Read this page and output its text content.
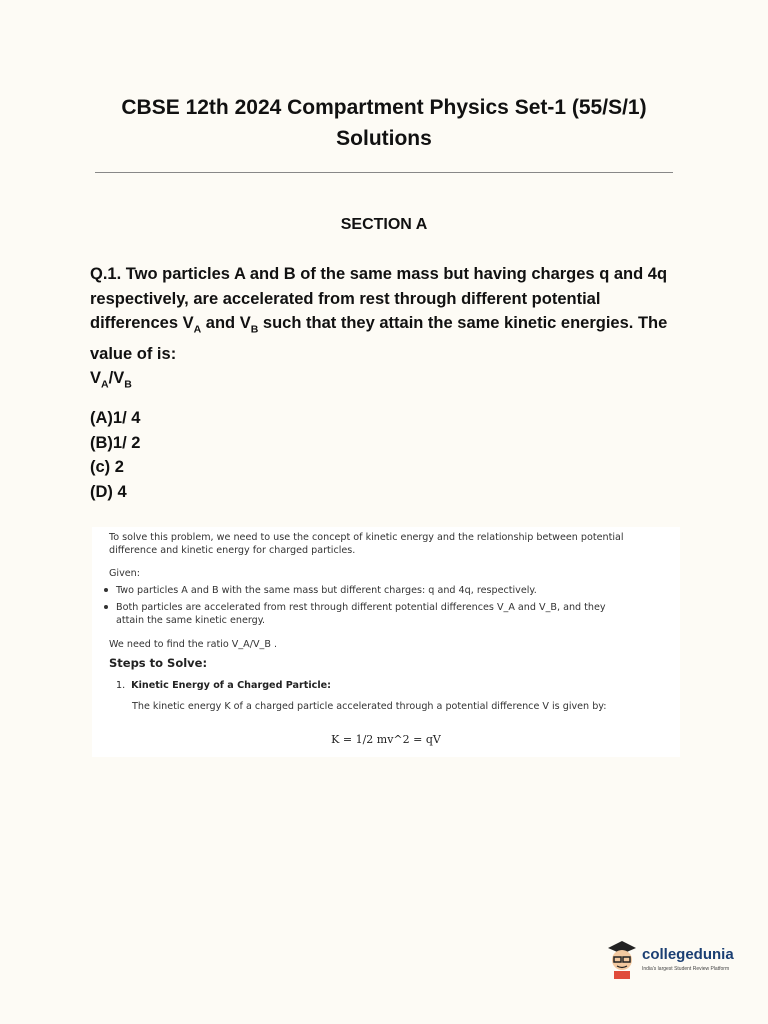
CBSE 12th 2024 Compartment Physics Set-1 (55/S/1)
Solutions
SECTION A
Q.1. Two particles A and B of the same mass but having charges q and 4q respectively, are accelerated from rest through different potential differences $V_A$ and $V_B$ such that they attain the same kinetic energies. The value of is:
$V_A/V_B$
(A)1/ 4
(B)1/ 2
(c) 2
(D) 4

To solve this problem, we need to use the concept of kinetic energy and the relationship between potential difference and kinetic energy for charged particles.

Given:

Two particles A and B with the same mass but different charges: q and 4q, respectively.
Both particles are accelerated from rest through different potential differences V_A and V_B, and they attain the same kinetic energy.

We need to find the ratio V_A/V_B .

Steps to Solve:
1. Kinetic Energy of a Charged Particle:

The kinetic energy K of a charged particle accelerated through a potential difference V is given by:

K = 1/2 mv^2 = qV
collegedunia
India's largest Student Review Platform
